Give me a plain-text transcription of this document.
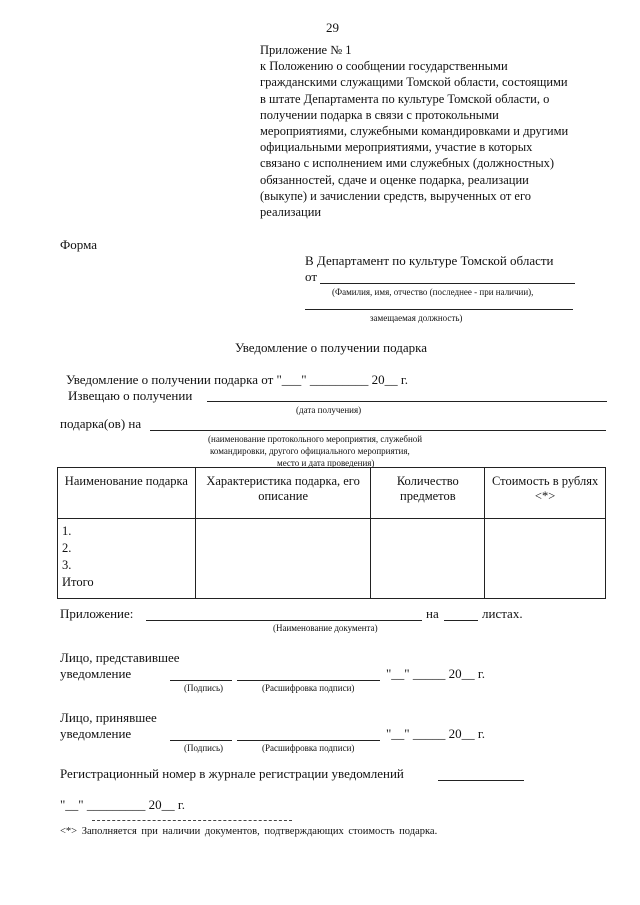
29
Приложение № 1
к Положению о сообщении государственными
гражданскими служащими Томской области, состоящими
в штате Департамента по культуре Томской области, о
получении подарка в связи с протокольными
мероприятиями, служебными командировками и другими
официальными мероприятиями, участие в которых
связано с исполнением ими служебных (должностных)
обязанностей, сдаче и оценке подарка, реализации
(выкупе) и зачислении средств, вырученных от его
реализации
Форма
В Департамент по культуре Томской области
от
(Фамилия, имя, отчество (последнее - при наличии),
замещаемая должность)
Уведомление о получении подарка
Уведомление о получении подарка от "___" _________ 20__ г.
Извещаю о получении
(дата получения)
подарка(ов) на
(наименование протокольного мероприятия, служебной
командировки, другого официального мероприятия,
место и дата проведения)
Наименование подарка	Характеристика подарка, его описание	Количество предметов	Стоимость в рублях <*>

1.
2.
3.
Итого			

Приложение:	на	листах.
(Наименование документа)
Лицо, представившее
уведомление	"__" _____ 20__ г.
(Подпись)	(Расшифровка подписи)
Лицо, принявшее
уведомление	"__" _____ 20__ г.
(Подпись)	(Расшифровка подписи)
Регистрационный номер в журнале регистрации уведомлений
"__" _________ 20__ г.
<*> Заполняется при наличии документов, подтверждающих стоимость подарка.
